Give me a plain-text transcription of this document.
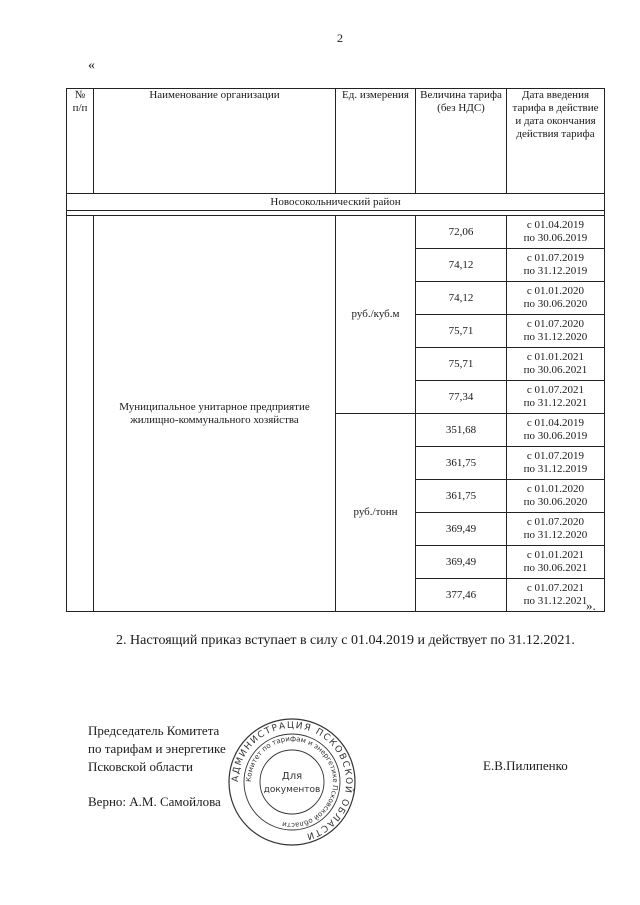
2
«
№ п/п	Наименование организации	Ед. измерения	Величина тарифа (без НДС)	Дата введения тарифа в действие и дата окончания действия тарифа
Новосокольнический район				

	Муниципальное унитарное предприятие жилищно-коммунального хозяйства	руб./куб.м	72,06	с 01.04.2019
по 30.06.2019

			74,12	с 01.07.2019
по 31.12.2019

			74,12	с 01.01.2020
по 30.06.2020

			75,71	с 01.07.2020
по 31.12.2020

			75,71	с 01.01.2021
по 30.06.2021

			77,34	с 01.07.2021
по 31.12.2021

		руб./тонн	351,68	с 01.04.2019
по 30.06.2019

			361,75	с 01.07.2019
по 31.12.2019

			361,75	с 01.01.2020
по 30.06.2020

			369,49	с 01.07.2020
по 31.12.2020

			369,49	с 01.01.2021
по 30.06.2021

			377,46	с 01.07.2021
по 31.12.2021
».

2. Настоящий приказ вступает в силу с 01.04.2019 и действует по 31.12.2021.

Председатель Комитета
по тарифам и энергетике
Псковской области	Е.В.Пилипенко
Верно: А.М. Самойлова
АДМИНИСТРАЦИЯ ПСКОВСКОЙ ОБЛАСТИ
Комитет по тарифам и энергетике Псковской области
Для
документов
